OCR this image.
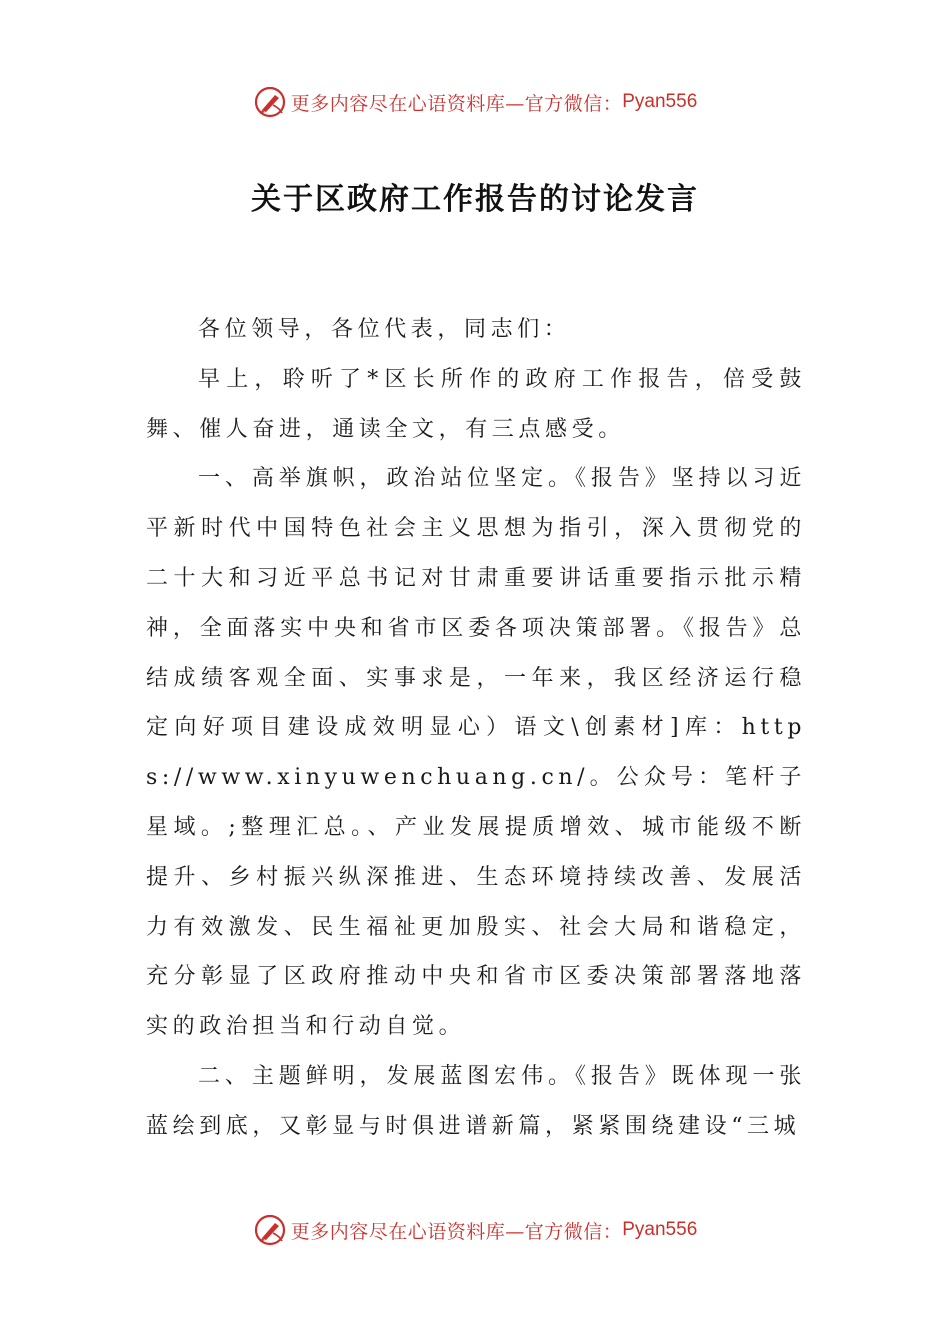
更多内容尽在心语资料库—官方微信： Pyan556
关于区政府工作报告的讨论发言

各位领导，各位代表，同志们：

早上，聆听了*区长所作的政府工作报告，倍受鼓舞、催人奋进，通读全文，有三点感受。

一、高举旗帜，政治站位坚定。《报告》坚持以习近平新时代中国特色社会主义思想为指引，深入贯彻党的二十大和习近平总书记对甘肃重要讲话重要指示批示精神，全面落实中央和省市区委各项决策部署。《报告》总结成绩客观全面、实事求是，一年来，我区经济运行稳定向好项目建设成效明显心）语文\创素材]库：https://www.xinyuwenchuang.cn/。公众号：笔杆子星域。;整理汇总。、产业发展提质增效、城市能级不断提升、乡村振兴纵深推进、生态环境持续改善、发展活力有效激发、民生福祉更加殷实、社会大局和谐稳定，充分彰显了区政府推动中央和省市区委决策部署落地落实的政治担当和行动自觉。

二、主题鲜明，发展蓝图宏伟。《报告》既体现一张蓝绘到底，又彰显与时俱进谱新篇，紧紧围绕建设“三城

更多内容尽在心语资料库—官方微信： Pyan556
